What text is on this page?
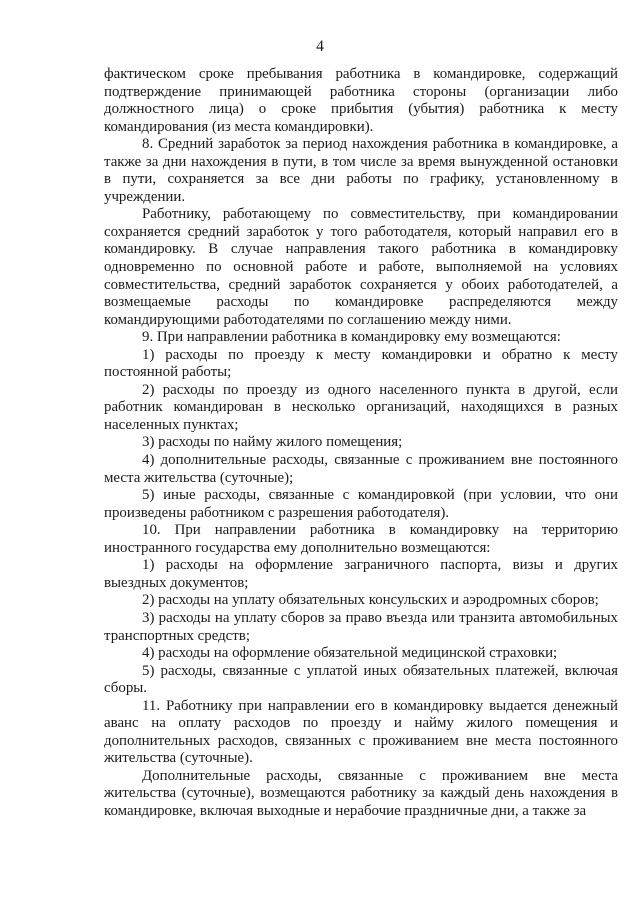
4

фактическом сроке пребывания работника в командировке, содержащий подтверждение принимающей работника стороны (организации либо должностного лица) о сроке прибытия (убытия) работника к месту командирования (из места командировки).

8. Средний заработок за период нахождения работника в командировке, а также за дни нахождения в пути, в том числе за время вынужденной остановки в пути, сохраняется за все дни работы по графику, установленному в учреждении.

Работнику, работающему по совместительству, при командировании сохраняется средний заработок у того работодателя, который направил его в командировку. В случае направления такого работника в командировку одновременно по основной работе и работе, выполняемой на условиях совместительства, средний заработок сохраняется у обоих работодателей, а возмещаемые расходы по командировке распределяются между командирующими работодателями по соглашению между ними.

9. При направлении работника в командировку ему возмещаются:

1) расходы по проезду к месту командировки и обратно к месту постоянной работы;

2) расходы по проезду из одного населенного пункта в другой, если работник командирован в несколько организаций, находящихся в разных населенных пунктах;

3) расходы по найму жилого помещения;

4) дополнительные расходы, связанные с проживанием вне постоянного места жительства (суточные);

5) иные расходы, связанные с командировкой (при условии, что они произведены работником с разрешения работодателя).

10. При направлении работника в командировку на территорию иностранного государства ему дополнительно возмещаются:

1) расходы на оформление заграничного паспорта, визы и других выездных документов;

2) расходы на уплату обязательных консульских и аэродромных сборов;

3) расходы на уплату сборов за право въезда или транзита автомобильных транспортных средств;

4) расходы на оформление обязательной медицинской страховки;

5) расходы, связанные с уплатой иных обязательных платежей, включая сборы.

11. Работнику при направлении его в командировку выдается денежный аванс на оплату расходов по проезду и найму жилого помещения и дополнительных расходов, связанных с проживанием вне места постоянного жительства (суточные).

Дополнительные расходы, связанные с проживанием вне места жительства (суточные), возмещаются работнику за каждый день нахождения в командировке, включая выходные и нерабочие праздничные дни, а также за
